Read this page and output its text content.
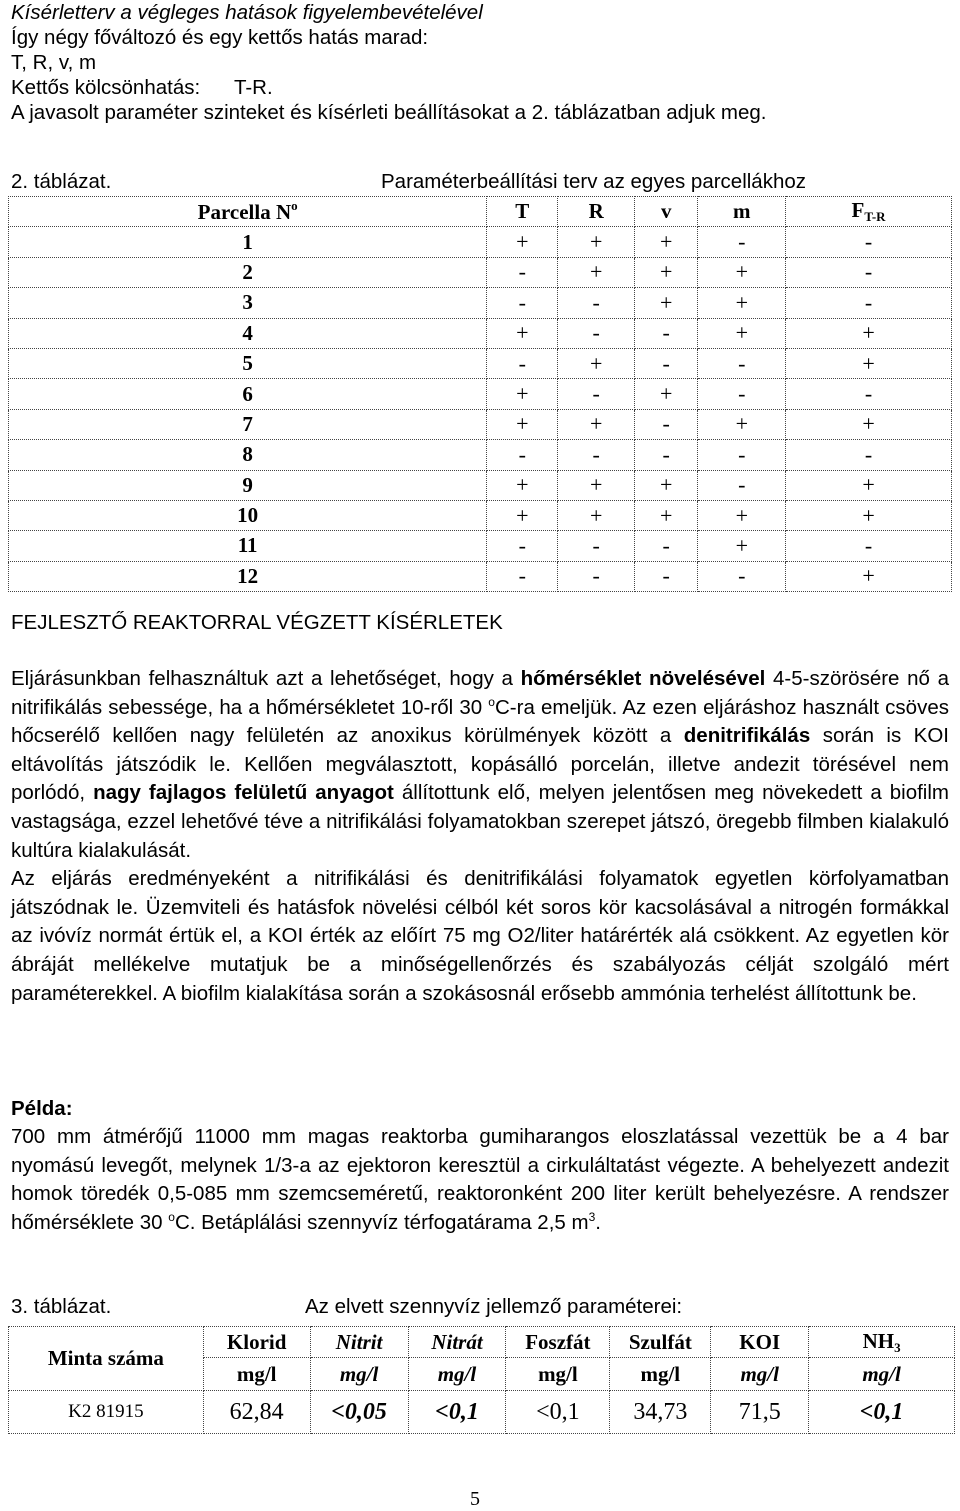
Kísérletterv a végleges hatások figyelembevételével
Így négy főváltozó és egy kettős hatás marad:
T, R, v, m
Kettős kölcsönhatás:      T-R.
A javasolt paraméter szinteket és kísérleti beállításokat a 2. táblázatban adjuk meg.
2. táblázat.	Paraméterbeállítási terv az egyes parcellákhoz
Parcella $N^o$	T	R	v	m	$F_{T-R}$
1	+	+	+	-	-
2	-	+	+	+	-
3	-	-	+	+	-
4	+	-	-	+	+
5	-	+	-	-	+
6	+	-	+	-	-
7	+	+	-	+	+
8	-	-	-	-	-
9	+	+	+	-	+
10	+	+	+	+	+
11	-	-	-	+	-
12	-	-	-	-	+
FEJLESZTŐ REAKTORRAL VÉGZETT KÍSÉRLETEK

Eljárásunkban felhasználtuk azt a lehetőséget, hogy a hőmérséklet növelésével 4-5-szörösére nő a nitrifikálás sebessége, ha a hőmérsékletet 10-ről 30 $^o$C-ra emeljük. Az ezen eljáráshoz használt csöves hőcserélő kellően nagy felületén az anoxikus körülmények között a denitrifikálás során is KOI eltávolítás játszódik le. Kellően megválasztott, kopásálló porcelán, illetve andezit törésével nem porlódó, nagy fajlagos felületű anyagot állítottunk elő, melyen jelentősen meg növekedett a biofilm vastagsága, ezzel lehetővé téve a nitrifikálási folyamatokban szerepet játszó, öregebb filmben kialakuló kultúra kialakulását.

Az eljárás eredményeként a nitrifikálási és denitrifikálási folyamatok egyetlen körfolyamatban játszódnak le. Üzemviteli és hatásfok növelési célból két soros kör kacsolásával a nitrogén formákkal az ivóvíz normát értük el, a KOI érték az előírt 75 mg O2/liter határérték alá csökkent. Az egyetlen kör ábráját mellékelve mutatjuk be a minőségellenőrzés és szabályozás célját szolgáló mért paraméterekkel. A biofilm kialakítása során a szokásosnál erősebb ammónia terhelést állítottunk be.

Példa:

700 mm átmérőjű 11000 mm magas reaktorba gumiharangos eloszlatással vezettük be a 4 bar nyomású levegőt, melynek 1/3-a az ejektoron keresztül a cirkuláltatást végezte. A behelyezett andezit homok töredék 0,5-085 mm szemcseméretű, reaktoronként 200 liter került behelyezésre. A rendszer hőmérséklete 30 $^o$C. Betáplálási szennyvíz térfogatárama 2,5 $m^3$.

3. táblázat.	Az elvett szennyvíz jellemző paraméterei:
Minta száma	Klorid	Nitrit	Nitrát	Foszfát	Szulfát	KOI	$NH_3$
	mg/l	mg/l	mg/l	mg/l	mg/l	mg/l	mg/l
K2 81915	62,84	<0,05	<0,1	<0,1	34,73	71,5	<0,1
5
